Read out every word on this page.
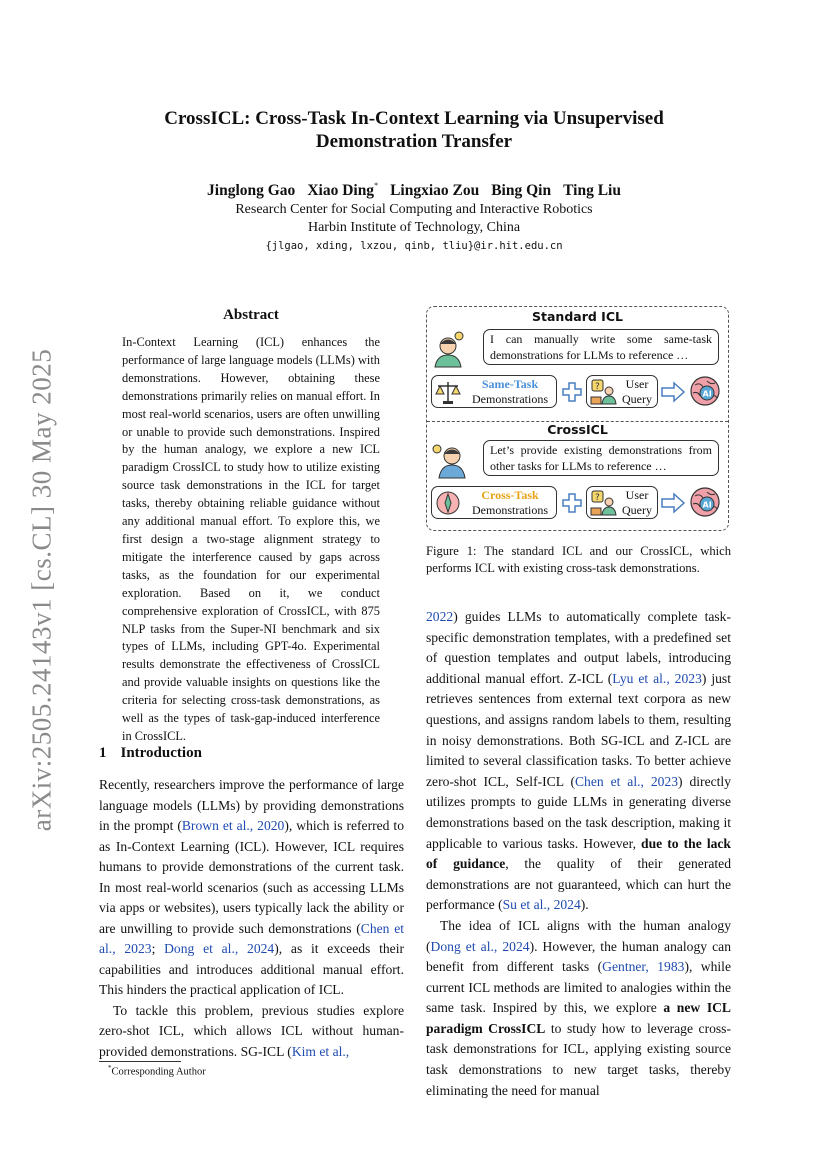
arXiv:2505.24143v1 [cs.CL] 30 May 2025
CrossICL: Cross-Task In-Context Learning via Unsupervised
Demonstration Transfer
Jinglong Gao Xiao Ding* Lingxiao Zou Bing Qin Ting Liu
Research Center for Social Computing and Interactive Robotics
Harbin Institute of Technology, China
{jlgao, xding, lxzou, qinb, tliu}@ir.hit.edu.cn
Abstract
In-Context Learning (ICL) enhances the performance of large language models (LLMs) with demonstrations. However, obtaining these demonstrations primarily relies on manual effort. In most real-world scenarios, users are often unwilling or unable to provide such demonstrations. Inspired by the human analogy, we explore a new ICL paradigm CrossICL to study how to utilize existing source task demonstrations in the ICL for target tasks, thereby obtaining reliable guidance without any additional manual effort. To explore this, we first design a two-stage alignment strategy to mitigate the interference caused by gaps across tasks, as the foundation for our experimental exploration. Based on it, we conduct comprehensive exploration of CrossICL, with 875 NLP tasks from the Super-NI benchmark and six types of LLMs, including GPT-4o. Experimental results demonstrate the effectiveness of CrossICL and provide valuable insights on questions like the criteria for selecting cross-task demonstrations, as well as the types of task-gap-induced interference in CrossICL.
1 Introduction

Recently, researchers improve the performance of large language models (LLMs) by providing demonstrations in the prompt (Brown et al., 2020), which is referred to as In-Context Learning (ICL). However, ICL requires humans to provide demonstrations of the current task. In most real-world scenarios (such as accessing LLMs via apps or websites), users typically lack the ability or are unwilling to provide such demonstrations (Chen et al., 2023; Dong et al., 2024), as it exceeds their capabilities and introduces additional manual effort. This hinders the practical application of ICL.

To tackle this problem, previous studies explore zero-shot ICL, which allows ICL without human-provided demonstrations. SG-ICL (Kim et al.,

*Corresponding Author
Standard ICL
I can manually write some same-task demonstrations for LLMs to reference …
Same-Task
Demonstrations
?	User
Query	AI
CrossICL
Let’s provide existing demonstrations from other tasks for LLMs to reference …
Cross-Task
Demonstrations
?	User
Query	AI
Figure 1: The standard ICL and our CrossICL, which performs ICL with existing cross-task demonstrations.

2022) guides LLMs to automatically complete task-specific demonstration templates, with a predefined set of question templates and output labels, introducing additional manual effort. Z-ICL (Lyu et al., 2023) just retrieves sentences from external text corpora as new questions, and assigns random labels to them, resulting in noisy demonstrations. Both SG-ICL and Z-ICL are limited to several classification tasks. To better achieve zero-shot ICL, Self-ICL (Chen et al., 2023) directly utilizes prompts to guide LLMs in generating diverse demonstrations based on the task description, making it applicable to various tasks. However, due to the lack of guidance, the quality of their generated demonstrations are not guaranteed, which can hurt the performance (Su et al., 2024).

The idea of ICL aligns with the human analogy (Dong et al., 2024). However, the human analogy can benefit from different tasks (Gentner, 1983), while current ICL methods are limited to analogies within the same task. Inspired by this, we explore a new ICL paradigm CrossICL to study how to leverage cross-task demonstrations for ICL, applying existing source task demonstrations to new target tasks, thereby eliminating the need for manual
